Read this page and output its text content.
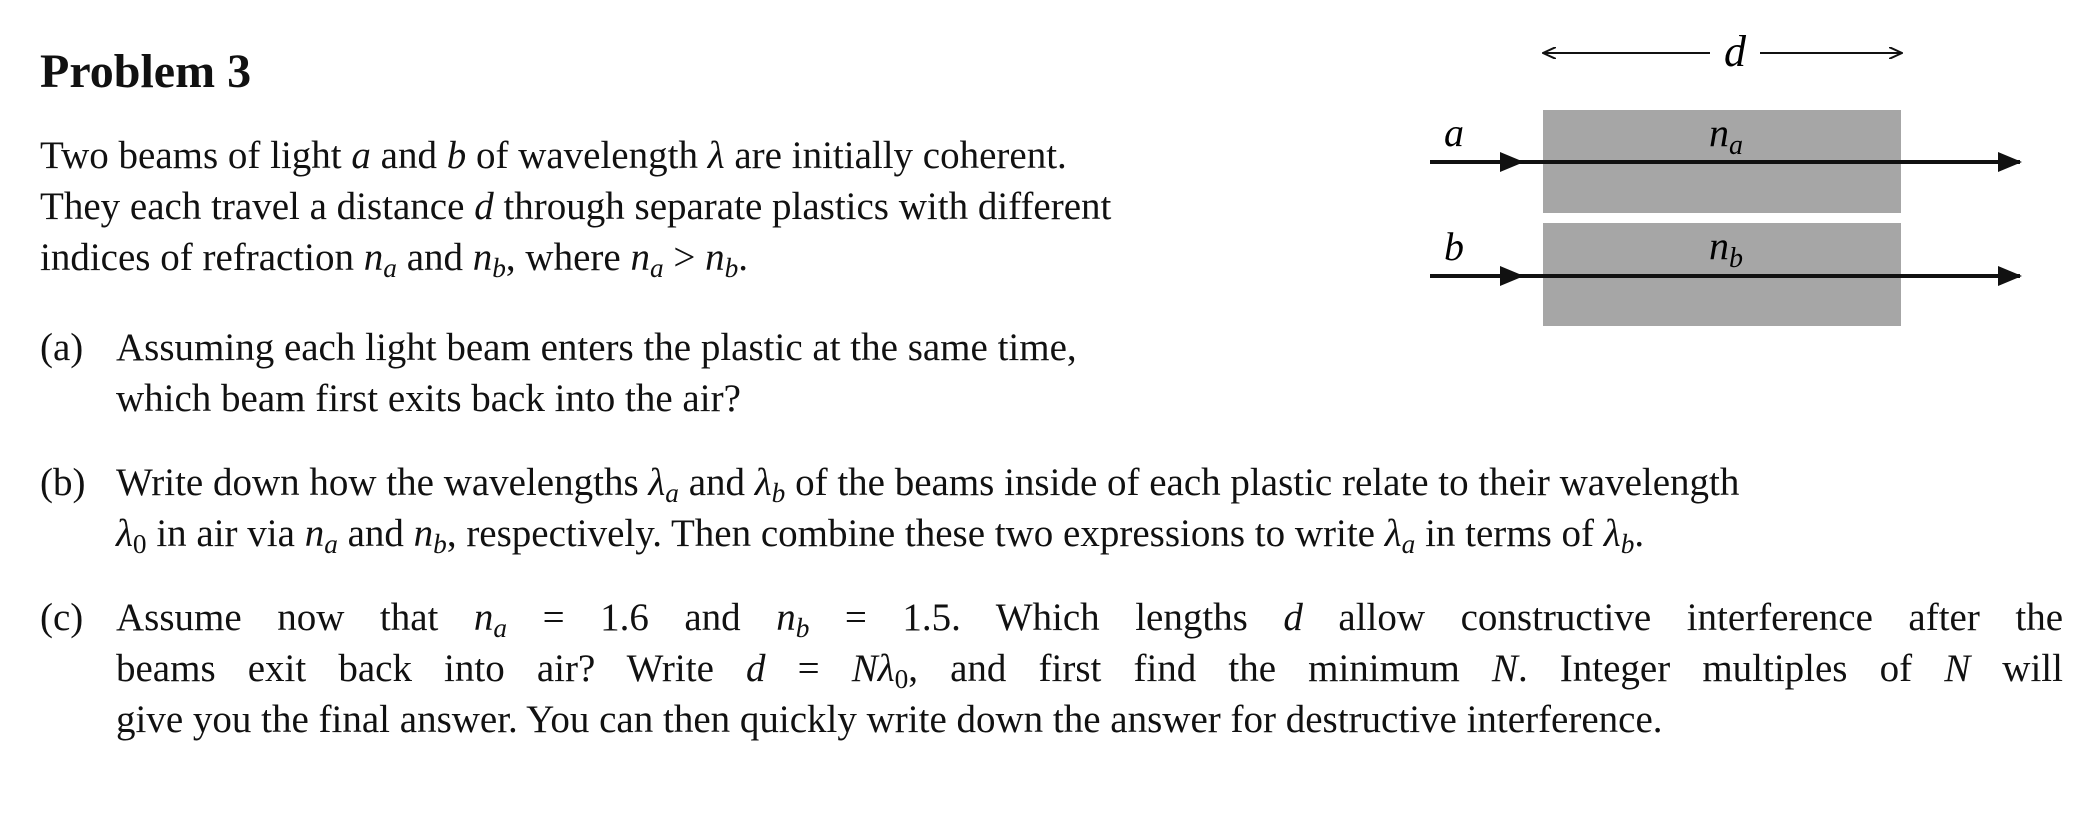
Problem 3
Two beams of light a and b of wavelength λ are initially coherent.
They each travel a distance d through separate plastics with different
indices of refraction $n_a$ and $n_b$, where $n_a > n_b$.
(a) Assuming each light beam enters the plastic at the same time,
which beam first exits back into the air?
(b) Write down how the wavelengths $\lambda_a$ and $\lambda_b$ of the beams inside of each plastic relate to their wavelength
$\lambda_0$ in air via $n_a$ and $n_b$, respectively. Then combine these two expressions to write $\lambda_a$ in terms of $\lambda_b$.
(c) Assume now that $n_a = 1.6$ and $n_b = 1.5$. Which lengths d allow constructive interference after the
beams exit back into air? Write $d = N\lambda_0$, and first find the minimum N. Integer multiples of N will
give you the final answer. You can then quickly write down the answer for destructive interference.
d
$n_a$
$n_b$
a
b
